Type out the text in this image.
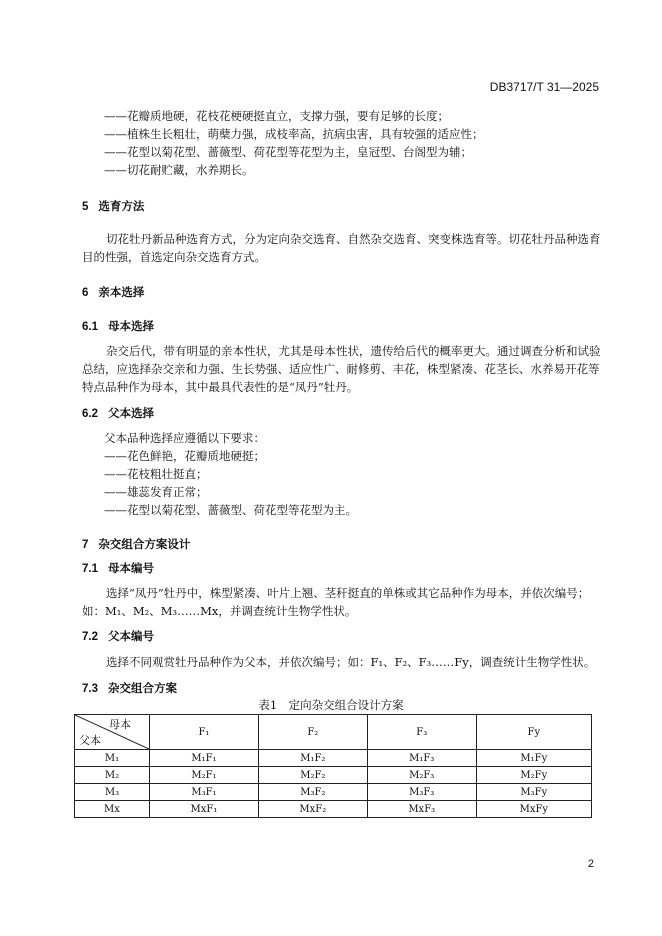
DB3717/T 31—2025
——花瓣质地硬，花枝花梗硬挺直立，支撑力强，要有足够的长度；
——植株生长粗壮，萌蘖力强，成枝率高，抗病虫害，具有较强的适应性；
——花型以菊花型、蔷薇型、荷花型等花型为主，皇冠型、台阁型为辅；
——切花耐贮藏，水养期长。
5 选育方法
切花牡丹新品种选育方式，分为定向杂交选育、自然杂交选育、突变株选育等。切花牡丹品种选育
目的性强，首选定向杂交选育方式。
6 亲本选择
6.1 母本选择
杂交后代，带有明显的亲本性状，尤其是母本性状，遗传给后代的概率更大。通过调查分析和试验
总结，应选择杂交亲和力强、生长势强、适应性广、耐修剪、丰花，株型紧凑、花茎长、水养易开花等
特点品种作为母本，其中最具代表性的是“凤丹”牡丹。
6.2 父本选择
父本品种选择应遵循以下要求：
——花色鲜艳，花瓣质地硬挺；
——花枝粗壮挺直；
——雄蕊发育正常；
——花型以菊花型、蔷薇型、荷花型等花型为主。
7 杂交组合方案设计
7.1 母本编号
选择“凤丹”牡丹中，株型紧凑、叶片上翘、茎秆挺直的单株或其它品种作为母本，并依次编号；
如：M₁、M₂、M₃……Mx，并调查统计生物学性状。
7.2 父本编号
选择不同观赏牡丹品种作为父本，并依次编号；如：F₁、F₂、F₃……Fy，调查统计生物学性状。
7.3 杂交组合方案
表1　定向杂交组合设计方案
母本
父本	F₁	F₂	F₃	Fy
M₁	M₁F₁	M₁F₂	M₁F₃	M₁Fy
M₂	M₂F₁	M₂F₂	M₂F₃	M₂Fy
M₃	M₃F₁	M₃F₂	M₃F₃	M₃Fy
Mx	MxF₁	MxF₂	MxF₃	MxFy
2
